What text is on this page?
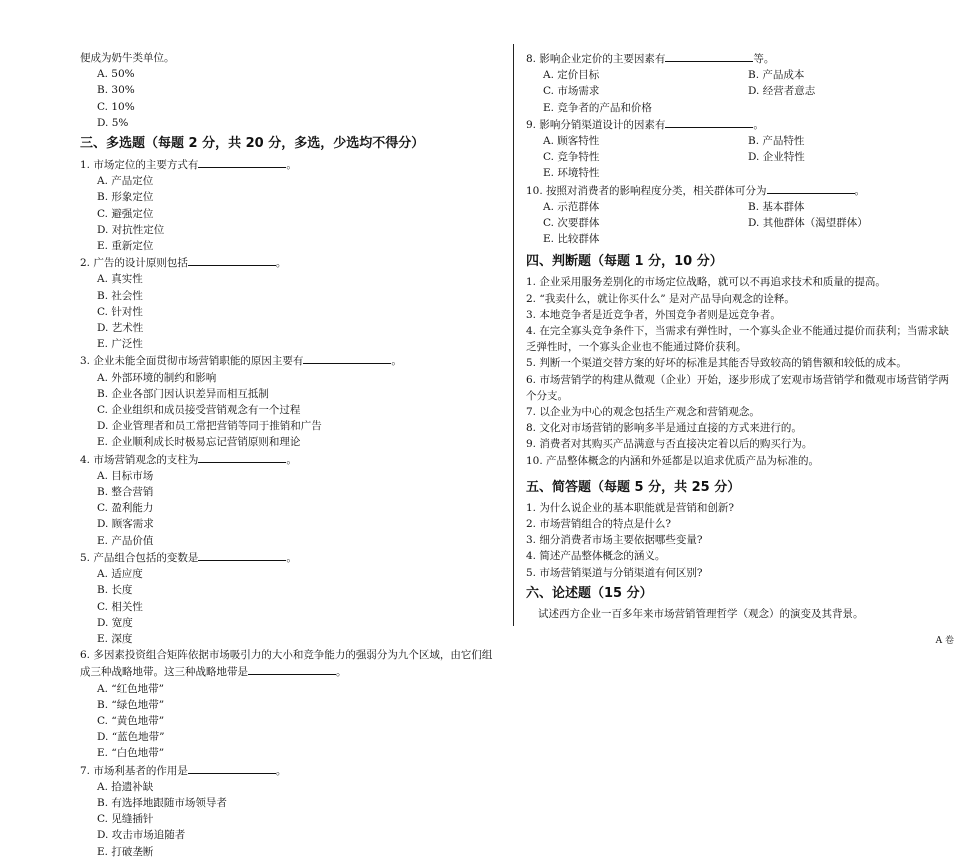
便成为奶牛类单位。
A. 50%
B. 30%
C. 10%
D. 5%
三、多选题（每题 2 分，共 20 分，多选，少选均不得分）
1. 市场定位的主要方式有	。
A. 产品定位
B. 形象定位
C. 避强定位
D. 对抗性定位
E. 重新定位
2. 广告的设计原则包括	。
A. 真实性
B. 社会性
C. 针对性
D. 艺术性
E. 广泛性
3. 企业未能全面贯彻市场营销职能的原因主要有	。
A. 外部环境的制约和影响
B. 企业各部门因认识差异而相互抵制
C. 企业组织和成员接受营销观念有一个过程
D. 企业管理者和员工常把营销等同于推销和广告
E. 企业顺利成长时极易忘记营销原则和理论
4. 市场营销观念的支柱为	。
A. 目标市场
B. 整合营销
C. 盈利能力
D. 顾客需求
E. 产品价值
5. 产品组合包括的变数是	。
A. 适应度
B. 长度
C. 相关性
D. 宽度
E. 深度
6. 多因素投资组合矩阵依据市场吸引力的大小和竞争能力的强弱分为九个区域，由它们组成三种战略地带。这三种战略地带是	。
A. “红色地带”
B. “绿色地带”
C. “黄色地带”
D. “蓝色地带”
E. “白色地带”
7. 市场利基者的作用是	。
A. 拾遗补缺
B. 有选择地跟随市场领导者
C. 见缝插针
D. 攻击市场追随者
E. 打破垄断
8. 影响企业定价的主要因素有	等。
A. 定价目标	B. 产品成本
C. 市场需求	D. 经营者意志
E. 竞争者的产品和价格
9. 影响分销渠道设计的因素有	。
A. 顾客特性	B. 产品特性
C. 竞争特性	D. 企业特性
E. 环境特性
10. 按照对消费者的影响程度分类，相关群体可分为	。
A. 示范群体	B. 基本群体
C. 次要群体	D. 其他群体（渴望群体）
E. 比较群体
四、判断题（每题 1 分，10 分）
1. 企业采用服务差别化的市场定位战略，就可以不再追求技术和质量的提高。
2. “我卖什么，就让你买什么” 是对产品导向观念的诠释。
3. 本地竞争者是近竞争者，外国竞争者则是远竞争者。
4. 在完全寡头竞争条件下，当需求有弹性时，一个寡头企业不能通过提价而获利；当需求缺乏弹性时，一个寡头企业也不能通过降价获利。
5. 判断一个渠道交替方案的好坏的标准是其能否导致较高的销售额和较低的成本。
6. 市场营销学的构建从微观（企业）开始，逐步形成了宏观市场营销学和微观市场营销学两个分支。
7. 以企业为中心的观念包括生产观念和营销观念。
8. 文化对市场营销的影响多半是通过直接的方式来进行的。
9. 消费者对其购买产品满意与否直接决定着以后的购买行为。
10. 产品整体概念的内涵和外延都是以追求优质产品为标准的。
五、简答题（每题 5 分，共 25 分）
1. 为什么说企业的基本职能就是营销和创新?
2. 市场营销组合的特点是什么?
3. 细分消费者市场主要依据哪些变量?
4. 简述产品整体概念的涵义。
5. 市场营销渠道与分销渠道有何区别?
六、论述题（15 分）
试述西方企业一百多年来市场营销管理哲学（观念）的演变及其背景。
A 卷
